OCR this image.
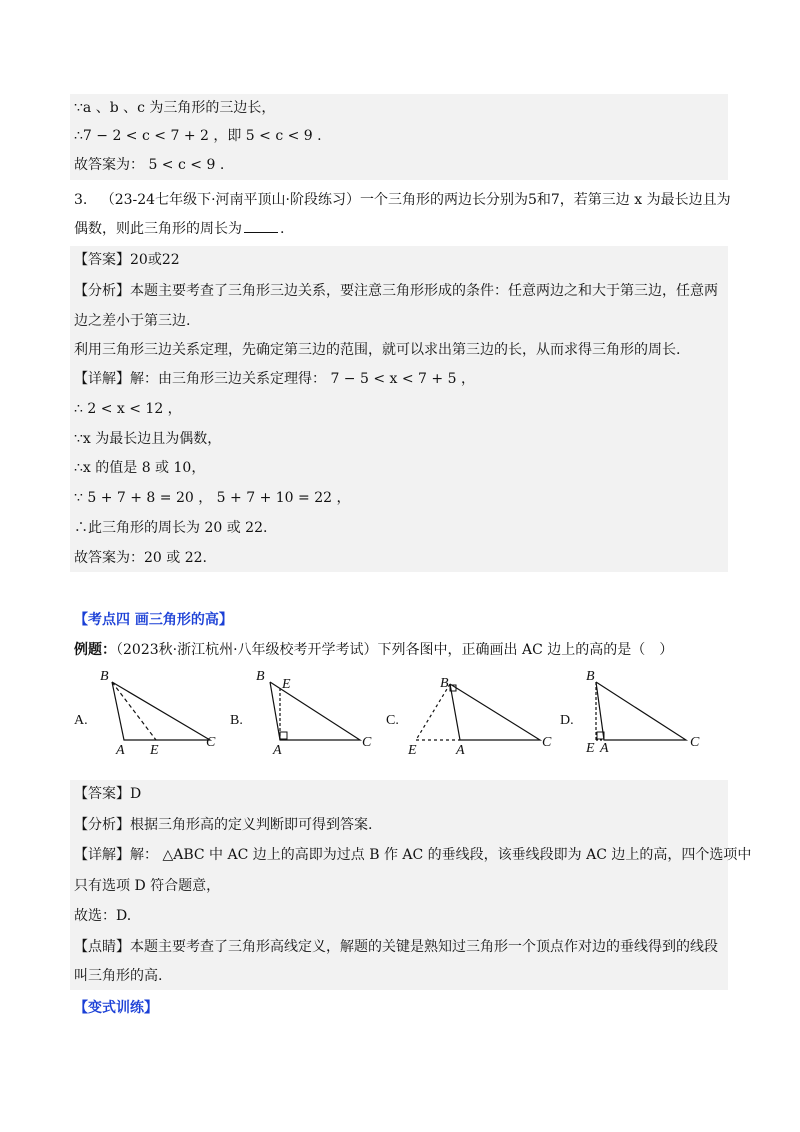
∵a 、b 、c 为三角形的三边长，
∴7 − 2 < c < 7 + 2 ，即 5 < c < 9 .
故答案为： 5 < c < 9 .
3. （23-24七年级下·河南平顶山·阶段练习）一个三角形的两边长分别为5和7，若第三边 x 为最长边且为
偶数，则此三角形的周长为	.
【答案】20或22
【分析】本题主要考查了三角形三边关系，要注意三角形形成的条件：任意两边之和大于第三边，任意两
边之差小于第三边.
利用三角形三边关系定理，先确定第三边的范围，就可以求出第三边的长，从而求得三角形的周长.
【详解】解：由三角形三边关系定理得： 7 − 5 < x < 7 + 5 ，
∴ 2 < x < 12 ，
∵x 为最长边且为偶数，
∴x 的值是 8 或 10，
∵ 5 + 7 + 8 = 20 ， 5 + 7 + 10 = 22 ，
∴此三角形的周长为 20 或 22.
故答案为：20 或 22.
【考点四 画三角形的高】
例题：（2023秋·浙江杭州·八年级校考开学考试）下列各图中，正确画出 AC 边上的高的是（　）
A.
B
A E
C
B.
B
E
A
C
C.
B
E	A
C
D.
B
E A	C
【答案】D
【分析】根据三角形高的定义判断即可得到答案.
【详解】解： △ABC 中 AC 边上的高即为过点 B 作 AC 的垂线段，该垂线段即为 AC 边上的高，四个选项中
只有选项 D 符合题意，
故选：D.
【点睛】本题主要考查了三角形高线定义，解题的关键是熟知过三角形一个顶点作对边的垂线得到的线段
叫三角形的高.
【变式训练】
